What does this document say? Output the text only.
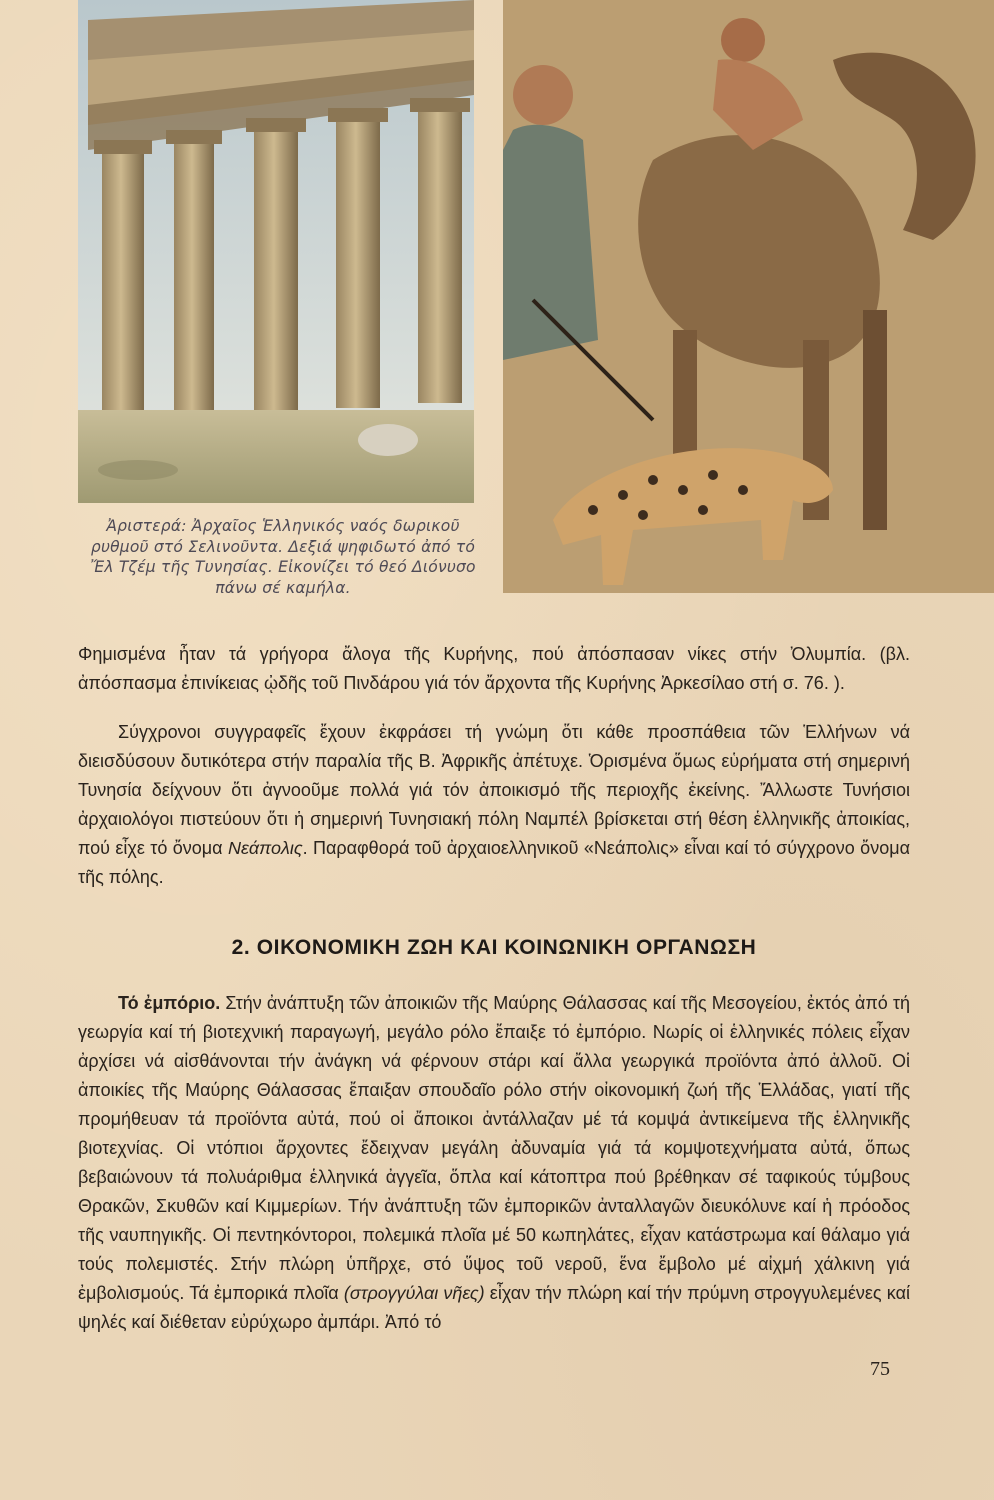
Ἀριστερά: Ἀρχαῖος Ἑλληνικός ναός δωρικοῦ ρυθμοῦ στό Σελινοῦντα. Δεξιά ψηφιδωτό ἀπό τό Ἔλ Τζέμ τῆς Τυνησίας. Εἰκονίζει τό θεό Διόνυσο πάνω σέ καμήλα.

Φημισμένα ἦταν τά γρήγορα ἄλογα τῆς Κυρήνης, πού ἀπόσπασαν νίκες στήν Ὀλυμπία. (βλ. ἀπόσπασμα ἐπινίκειας ᾠδῆς τοῦ Πινδάρου γιά τόν ἄρχοντα τῆς Κυρήνης Ἀρκεσίλαο στή σ. 76. ).

Σύγχρονοι συγγραφεῖς ἔχουν ἐκφράσει τή γνώμη ὅτι κάθε προσπάθεια τῶν Ἑλλήνων νά διεισδύσουν δυτικότερα στήν παραλία τῆς Β. Ἀφρικῆς ἀπέτυχε. Ὁρισμένα ὅμως εὑρήματα στή σημερινή Τυνησία δείχνουν ὅτι ἀγνοοῦμε πολλά γιά τόν ἀποικισμό τῆς περιοχῆς ἐκείνης. Ἄλλωστε Τυνήσιοι ἀρχαιολόγοι πιστεύουν ὅτι ἡ σημερινή Τυνησιακή πόλη Ναμπέλ βρίσκεται στή θέση ἑλληνικῆς ἀποικίας, πού εἶχε τό ὄνομα Νεάπολις. Παραφθορά τοῦ ἀρχαιοελληνικοῦ «Νεάπολις» εἶναι καί τό σύγχρονο ὄνομα τῆς πόλης.

2. ΟΙΚΟΝΟΜΙΚΗ ΖΩΗ ΚΑΙ ΚΟΙΝΩΝΙΚΗ ΟΡΓΑΝΩΣΗ

Τό ἐμπόριο. Στήν ἀνάπτυξη τῶν ἀποικιῶν τῆς Μαύρης Θάλασσας καί τῆς Μεσογείου, ἐκτός ἀπό τή γεωργία καί τή βιοτεχνική παραγωγή, μεγάλο ρόλο ἔπαιξε τό ἐμπόριο. Νωρίς οἱ ἑλληνικές πόλεις εἶχαν ἀρχίσει νά αἰσθάνονται τήν ἀνάγκη νά φέρνουν στάρι καί ἄλλα γεωργικά προϊόντα ἀπό ἀλλοῦ. Οἱ ἀποικίες τῆς Μαύρης Θάλασσας ἔπαιξαν σπουδαῖο ρόλο στήν οἰκονομική ζωή τῆς Ἑλλάδας, γιατί τῆς προμήθευαν τά προϊόντα αὐτά, πού οἱ ἄποικοι ἀντάλλαζαν μέ τά κομψά ἀντικείμενα τῆς ἑλληνικῆς βιοτεχνίας. Οἱ ντόπιοι ἄρχοντες ἔδειχναν μεγάλη ἀδυναμία γιά τά κομψοτεχνήματα αὐτά, ὅπως βεβαιώνουν τά πολυάριθμα ἑλληνικά ἀγγεῖα, ὅπλα καί κάτοπτρα πού βρέθηκαν σέ ταφικούς τύμβους Θρακῶν, Σκυθῶν καί Κιμμερίων. Τήν ἀνάπτυξη τῶν ἐμπορικῶν ἀνταλλαγῶν διευκόλυνε καί ἡ πρόοδος τῆς ναυπηγικῆς. Οἱ πεντηκόντοροι, πολεμικά πλοῖα μέ 50 κωπηλάτες, εἶχαν κατάστρωμα καί θάλαμο γιά τούς πολεμιστές. Στήν πλώρη ὑπῆρχε, στό ὕψος τοῦ νεροῦ, ἕνα ἔμβολο μέ αἰχμή χάλκινη γιά ἐμβολισμούς. Τά ἐμπορικά πλοῖα (στρογγύλαι νῆες) εἶχαν τήν πλώρη καί τήν πρύμνη στρογγυλεμένες καί ψηλές καί διέθεταν εὐρύχωρο ἀμπάρι. Ἀπό τό

75
